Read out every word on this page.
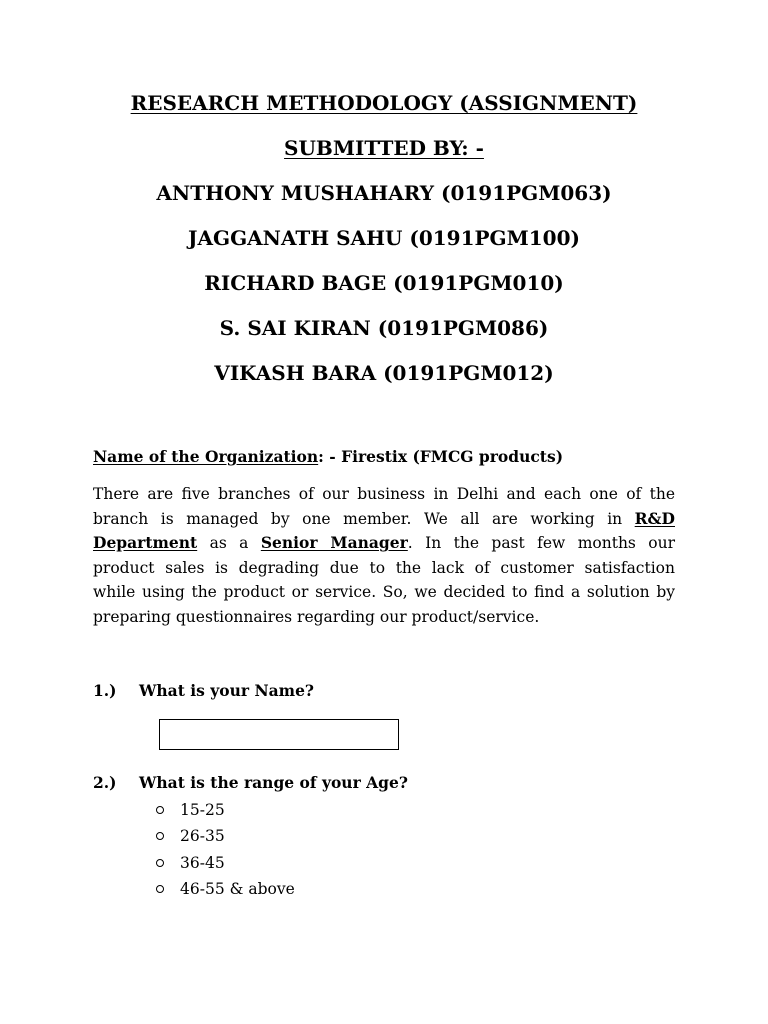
RESEARCH METHODOLOGY (ASSIGNMENT)
SUBMITTED BY: -
ANTHONY MUSHAHARY (0191PGM063)
JAGGANATH SAHU (0191PGM100)
RICHARD BAGE (0191PGM010)
S. SAI KIRAN (0191PGM086)
VIKASH BARA (0191PGM012)
Name of the Organization: - Firestix (FMCG products)
There are five branches of our business in Delhi and each one of the
branch is managed by one member. We all are working in R&D
Department as a Senior Manager. In the past few months our
product sales is degrading due to the lack of customer satisfaction
while using the product or service. So, we decided to find a solution by
preparing questionnaires regarding our product/service.
1.) What is your Name?
2.) What is the range of your Age?
15-25
26-35
36-45
46-55 & above
